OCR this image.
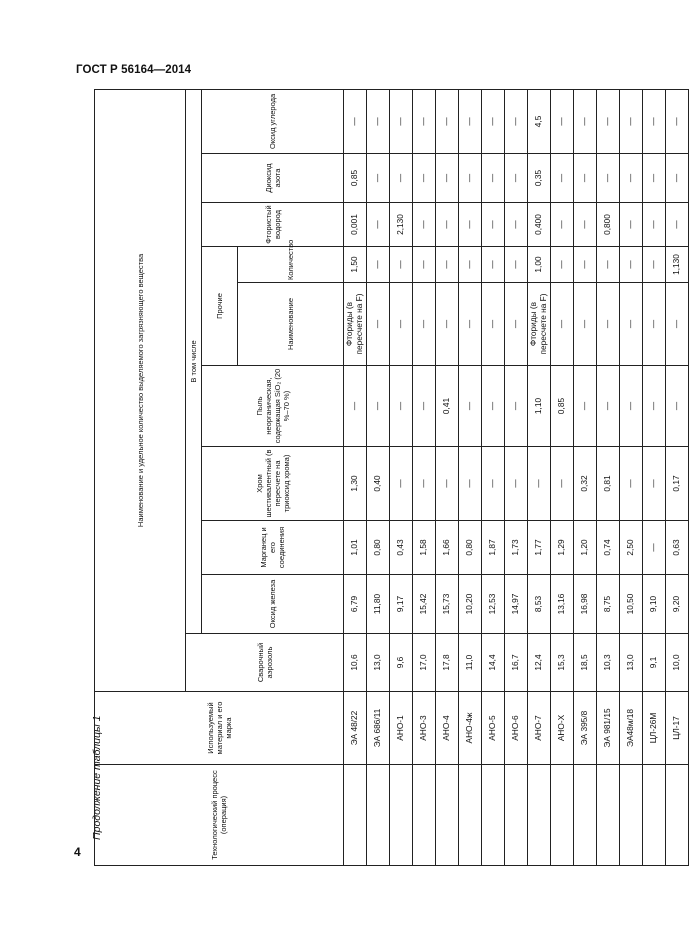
ГОСТ Р 56164—2014
Продолжение таблицы 1
4	Технологический процесс (операция)	Используемый материал и его марка	Наименование и удельное количество выделяемого загрязняющего вещества									
		Сварочный аэрозоль	В том числе								
			Оксид железа	Марганец и его соединения	Хром шестивалентный (в пересчете на триоксид хрома)	Пыль неорганическая, содержащая SiO₂ (20 %–70 %)	Прочие		Фтористый водород	Диоксид азота	Оксид углерода
							Наименование	Количество			
	ЭА 48/22	10,6	6,79	1,01	1,30	—	Фториды (в пересчете на F)	1,50	0,001	0,85	—
	ЭА 686/11	13,0	11,80	0,80	0,40	—	—	—	—	—	—
	АНО-1	9,6	9,17	0,43	—	—	—	—	2,130	—	—
	АНО-3	17,0	15,42	1,58	—	—	—	—	—	—	—
	АНО-4	17,8	15,73	1,66	—	0,41	—	—	—	—	—
	АНО-4ж	11,0	10,20	0,80	—	—	—	—	—	—	—
	АНО-5	14,4	12,53	1,87	—	—	—	—	—	—	—
	АНО-6	16,7	14,97	1,73	—	—	—	—	—	—	—
	АНО-7	12,4	8,53	1,77	—	1,10	Фториды (в пересчете на F)	1,00	0,400	0,35	4,5
	АНО-Х	15,3	13,16	1,29	—	0,85	—	—	—	—	—
	ЭА 395/8	18,5	16,98	1,20	0,32	—	—	—	—	—	—
	ЭА 981/15	10,3	8,75	0,74	0,81	—	—	—	0,800	—	—
	ЭА48м/18	13,0	10,50	2,50	—	—	—	—	—	—	—
	ЦЛ-26М	9,1	9,10	—	—	—	—	—	—	—	—
	ЦЛ-17	10,0	9,20	0,63	0,17	—	—	1,130	—	—	—
